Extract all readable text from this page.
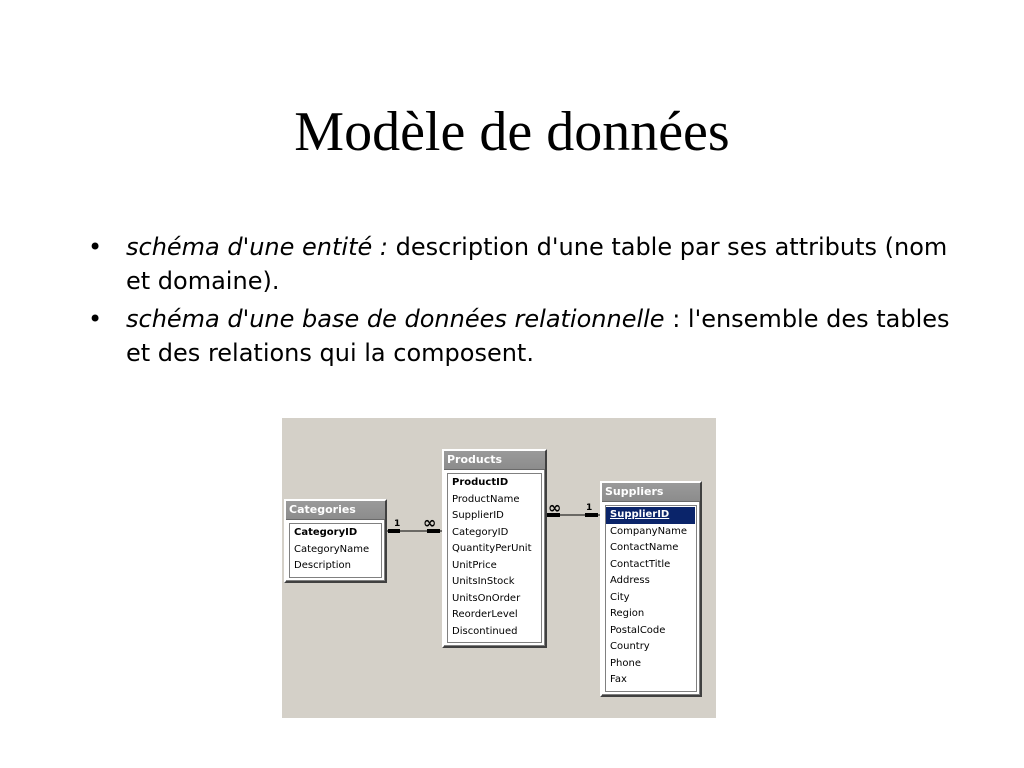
Modèle de données
• schéma d'une entité : description d'une table par ses attributs (nom et domaine).
• schéma d'une base de données relationnelle : l'ensemble des tables et des relations qui la composent.
1 ∞
∞	1
Categories
CategoryID
CategoryName
Description
Products
ProductID
ProductName
SupplierID
CategoryID
QuantityPerUnit
UnitPrice
UnitsInStock
UnitsOnOrder
ReorderLevel
Discontinued
Suppliers
SupplierID
CompanyName
ContactName
ContactTitle
Address
City
Region
PostalCode
Country
Phone
Fax
